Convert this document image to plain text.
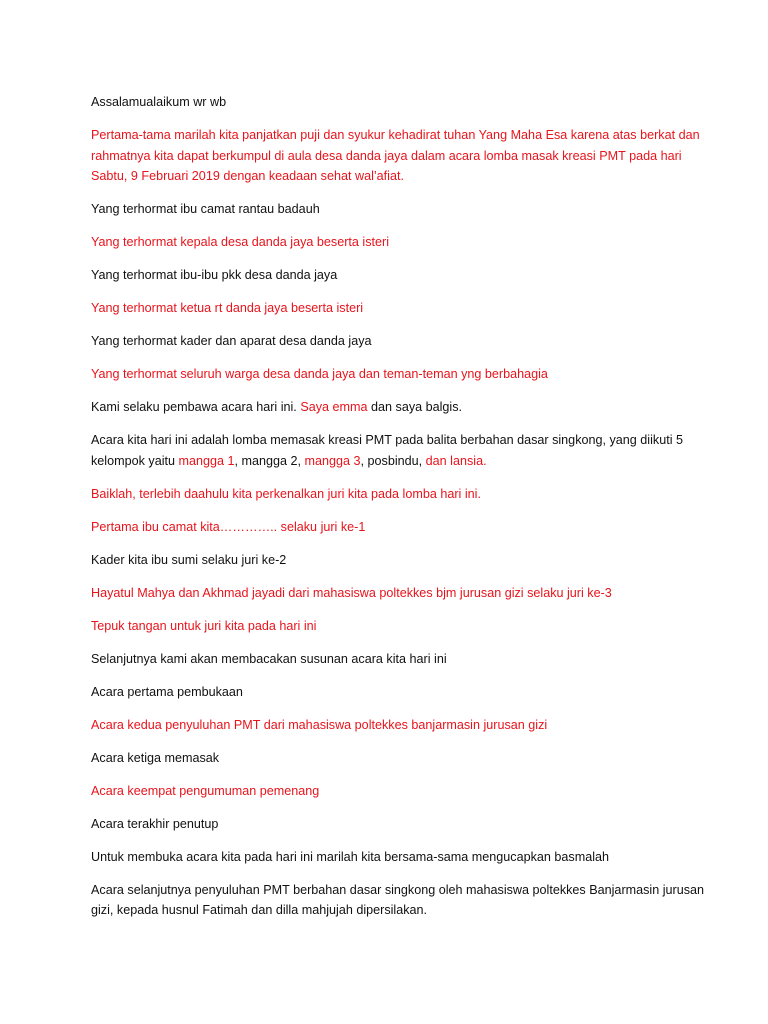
Assalamualaikum wr wb

Pertama-tama marilah kita panjatkan puji dan syukur kehadirat tuhan Yang Maha Esa karena atas berkat dan rahmatnya kita dapat berkumpul di aula desa danda jaya dalam acara lomba masak kreasi PMT pada hari Sabtu, 9 Februari 2019 dengan keadaan sehat wal’afiat.

Yang terhormat ibu camat rantau badauh

Yang terhormat kepala desa danda jaya beserta isteri

Yang terhormat ibu-ibu pkk desa danda jaya

Yang terhormat ketua rt danda jaya beserta isteri

Yang terhormat kader dan aparat desa danda jaya

Yang terhormat seluruh warga desa danda jaya dan teman-teman yng berbahagia

Kami selaku pembawa acara hari ini. Saya emma dan saya balgis.

Acara kita hari ini adalah lomba memasak kreasi PMT pada balita berbahan dasar singkong, yang diikuti 5 kelompok yaitu mangga 1, mangga 2, mangga 3, posbindu, dan lansia.

Baiklah, terlebih daahulu kita perkenalkan juri kita pada lomba hari ini.

Pertama ibu camat kita………….. selaku juri ke-1

Kader kita ibu sumi selaku juri ke-2

Hayatul Mahya dan Akhmad jayadi dari mahasiswa poltekkes bjm jurusan gizi selaku juri ke-3

Tepuk tangan untuk juri kita pada hari ini

Selanjutnya kami akan membacakan susunan acara kita hari ini

Acara pertama pembukaan

Acara kedua penyuluhan PMT dari mahasiswa poltekkes banjarmasin jurusan gizi

Acara ketiga memasak

Acara keempat pengumuman pemenang

Acara terakhir penutup

Untuk membuka acara kita pada hari ini marilah kita bersama-sama mengucapkan basmalah

Acara selanjutnya penyuluhan PMT berbahan dasar singkong oleh mahasiswa poltekkes Banjarmasin jurusan gizi, kepada husnul Fatimah dan dilla mahjujah dipersilakan.
